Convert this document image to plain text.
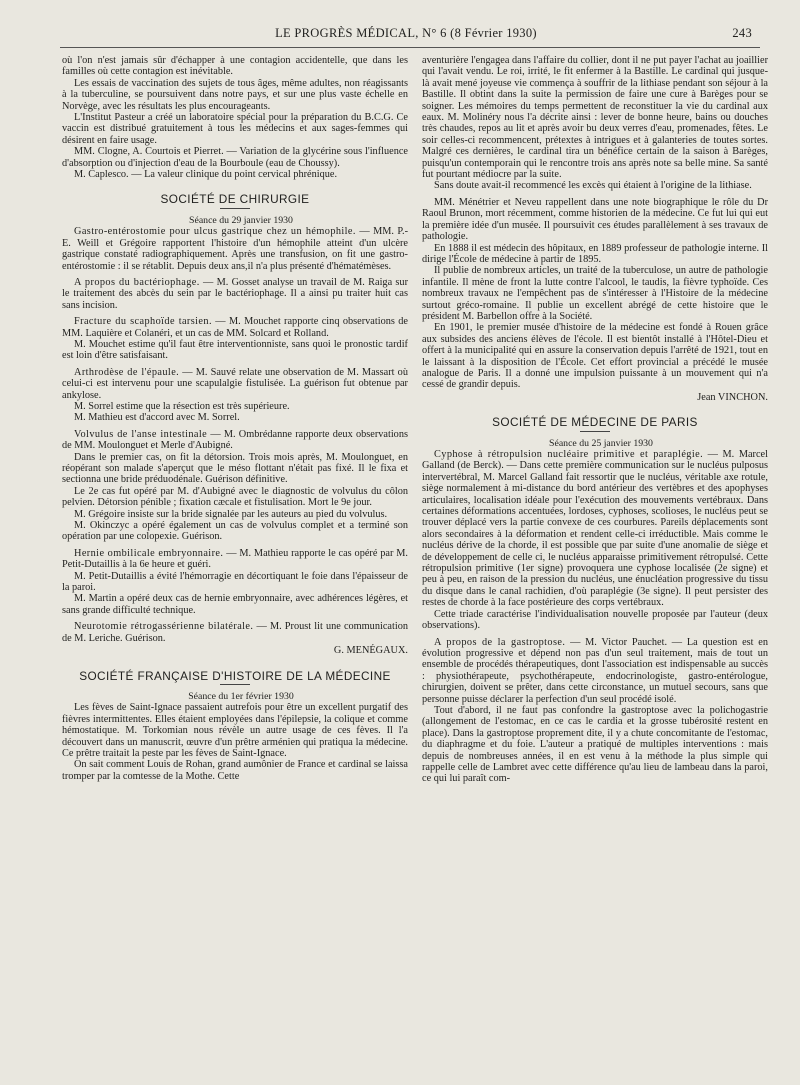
LE PROGRÈS MÉDICAL, N° 6 (8 Février 1930)	243

où l'on n'est jamais sûr d'échapper à une contagion accidentelle, que dans les familles où cette contagion est inévitable.

Les essais de vaccination des sujets de tous âges, même adultes, non réagissants à la tuberculine, se poursuivent dans notre pays, et sur une plus vaste échelle en Norvège, avec les résultats les plus encourageants.

L'Institut Pasteur a créé un laboratoire spécial pour la préparation du B.C.G. Ce vaccin est distribué gratuitement à tous les médecins et aux sages-femmes qui désirent en faire usage.

MM. Clogne, A. Courtois et Pierret. — Variation de la glycérine sous l'influence d'absorption ou d'injection d'eau de la Bourboule (eau de Choussy).

M. Caplesco. — La valeur clinique du point cervical phrénique.

SOCIÉTÉ DE CHIRURGIE

Séance du 29 janvier 1930

Gastro-entérostomie pour ulcus gastrique chez un hémophile. — MM. P.-E. Weill et Grégoire rapportent l'histoire d'un hémophile atteint d'un ulcère gastrique constaté radiographiquement. Après une transfusion, on fit une gastro-entérostomie : il se rétablit. Depuis deux ans,il n'a plus présenté d'hématémèses.

A propos du bactériophage. — M. Gosset analyse un travail de M. Raiga sur le traitement des abcès du sein par le bactériophage. Il a ainsi pu traiter huit cas sans incision.

Fracture du scaphoïde tarsien. — M. Mouchet rapporte cinq observations de MM. Laquière et Colanéri, et un cas de MM. Solcard et Rolland.

M. Mouchet estime qu'il faut être interventionniste, sans quoi le pronostic tardif est loin d'être satisfaisant.

Arthrodèse de l'épaule. — M. Sauvé relate une observation de M. Massart où celui-ci est intervenu pour une scapulalgie fistulisée. La guérison fut obtenue par ankylose.

M. Sorrel estime que la résection est très supérieure.

M. Mathieu est d'accord avec M. Sorrel.

Volvulus de l'anse intestinale — M. Ombrédanne rapporte deux observations de MM. Moulonguet et Merle d'Aubigné.

Dans le premier cas, on fit la détorsion. Trois mois après, M. Moulonguet, en réopérant son malade s'aperçut que le méso flottant n'était pas fixé. Il le fixa et sectionna une bride préduodénale. Guérison définitive.

Le 2e cas fut opéré par M. d'Aubigné avec le diagnostic de volvulus du côlon pelvien. Détorsion pénible ; fixation cæcale et fistulisation. Mort le 9e jour.

M. Grégoire insiste sur la bride signalée par les auteurs au pied du volvulus.

M. Okinczyc a opéré également un cas de volvulus complet et a terminé son opération par une colopexie. Guérison.

Hernie ombilicale embryonnaire. — M. Mathieu rapporte le cas opéré par M. Petit-Dutaillis à la 6e heure et guéri.

M. Petit-Dutaillis a évité l'hémorragie en décortiquant le foie dans l'épaisseur de la paroi.

M. Martin a opéré deux cas de hernie embryonnaire, avec adhérences légères, et sans grande difficulté technique.

Neurotomie rétrogassérienne bilatérale. — M. Proust lit une communication de M. Leriche. Guérison.

G. MENÉGAUX.

SOCIÉTÉ FRANÇAISE D'HISTOIRE DE LA MÉDECINE

Séance du 1er février 1930

Les fèves de Saint-Ignace passaient autrefois pour être un excellent purgatif des fièvres intermittentes. Elles étaient employées dans l'épilepsie, la colique et comme hémostatique. M. Torkomian nous révèle un autre usage de ces fèves. Il l'a découvert dans un manuscrit, œuvre d'un prêtre arménien qui pratiqua la médecine. Ce prêtre traitait la peste par les fèves de Saint-Ignace.

On sait comment Louis de Rohan, grand aumônier de France et cardinal se laissa tromper par la comtesse de la Mothe. Cette

aventurière l'engagea dans l'affaire du collier, dont il ne put payer l'achat au joaillier qui l'avait vendu. Le roi, irrité, le fit enfermer à la Bastille. Le cardinal qui jusque-là avait mené joyeuse vie commença à souffrir de la lithiase pendant son séjour à la Bastille. Il obtint dans la suite la permission de faire une cure à Barèges pour se soigner. Les mémoires du temps permettent de reconstituer la vie du cardinal aux eaux. M. Molinéry nous l'a décrite ainsi : lever de bonne heure, bains ou douches très chaudes, repos au lit et après avoir bu deux verres d'eau, promenades, fêtes. Le soir celles-ci recommencent, prétextes à intrigues et à galanteries de toutes sortes. Malgré ces dernières, le cardinal tira un bénéfice certain de la saison à Barèges, puisqu'un contemporain qui le rencontre trois ans après note sa belle mine. Sa santé fut pourtant médiocre par la suite.

Sans doute avait-il recommencé les excès qui étaient à l'origine de la lithiase.

MM. Ménétrier et Neveu rappellent dans une note biographique le rôle du Dr Raoul Brunon, mort récemment, comme historien de la médecine. Ce fut lui qui eut la première idée d'un musée. Il poursuivit ces études parallèlement à ses travaux de pathologie.

En 1888 il est médecin des hôpitaux, en 1889 professeur de pathologie interne. Il dirige l'École de médecine à partir de 1895.

Il publie de nombreux articles, un traité de la tuberculose, un autre de pathologie infantile. Il mène de front la lutte contre l'alcool, le taudis, la fièvre typhoïde. Ces nombreux travaux ne l'empêchent pas de s'intéresser à l'Histoire de la médecine surtout gréco-romaine. Il publie un excellent abrégé de cette histoire que le président M. Barbellon offre à la Société.

En 1901, le premier musée d'histoire de la médecine est fondé à Rouen grâce aux subsides des anciens élèves de l'école. Il est bientôt installé à l'Hôtel-Dieu et offert à la municipalité qui en assure la conservation depuis l'arrêté de 1921, tout en le laissant à la disposition de l'École. Cet effort provincial a précédé le musée analogue de Paris. Il a donné une impulsion puissante à un mouvement qui n'a cessé de grandir depuis.

Jean VINCHON.

SOCIÉTÉ DE MÉDECINE DE PARIS

Séance du 25 janvier 1930

Cyphose à rétropulsion nucléaire primitive et paraplégie. — M. Marcel Galland (de Berck). — Dans cette première communication sur le nucléus pulposus intervertébral, M. Marcel Galland fait ressortir que le nucléus, véritable axe rotule, siège normalement à mi-distance du bord antérieur des vertèbres et des apophyses articulaires, localisation idéale pour l'exécution des mouvements vertébraux. Dans certaines déformations accentuées, lordoses, cyphoses, scolioses, le nucléus peut se trouver déplacé vers la partie convexe de ces courbures. Pareils déplacements sont alors secondaires à la déformation et rendent celle-ci irréductible. Mais comme le nucléus dérive de la chorde, il est possible que par suite d'une anomalie de siège et de développement de celle ci, le nucléus apparaisse primitivement rétropulsé. Cette rétropulsion primitive (1er signe) provoquera une cyphose localisée (2e signe) et peu à peu, en raison de la pression du nucléus, une énucléation progressive du tissu du disque dans le canal rachidien, d'où paraplégie (3e signe). Il peut persister des restes de chorde à la face postérieure des corps vertébraux.

Cette triade caractérise l'individualisation nouvelle proposée par l'auteur (deux observations).

A propos de la gastroptose. — M. Victor Pauchet. — La question est en évolution progressive et dépend non pas d'un seul traitement, mais de tout un ensemble de procédés thérapeutiques, dont l'association est indispensable au succès : physiothérapeute, psychothérapeute, endocrinologiste, gastro-entérologue, chirurgien, doivent se prêter, dans cette circonstance, un mutuel secours, sans que personne puisse déclarer la perfection d'un seul procédé isolé.

Tout d'abord, il ne faut pas confondre la gastroptose avec la polichogastrie (allongement de l'estomac, en ce cas le cardia et la grosse tubérosité restent en place). Dans la gastroptose proprement dite, il y a chute concomitante de l'estomac, du diaphragme et du foie. L'auteur a pratiqué de multiples interventions : mais depuis de nombreuses années, il en est venu à la méthode la plus simple qui rappelle celle de Lambret avec cette différence qu'au lieu de lambeau dans la paroi, ce qui lui paraît com-
